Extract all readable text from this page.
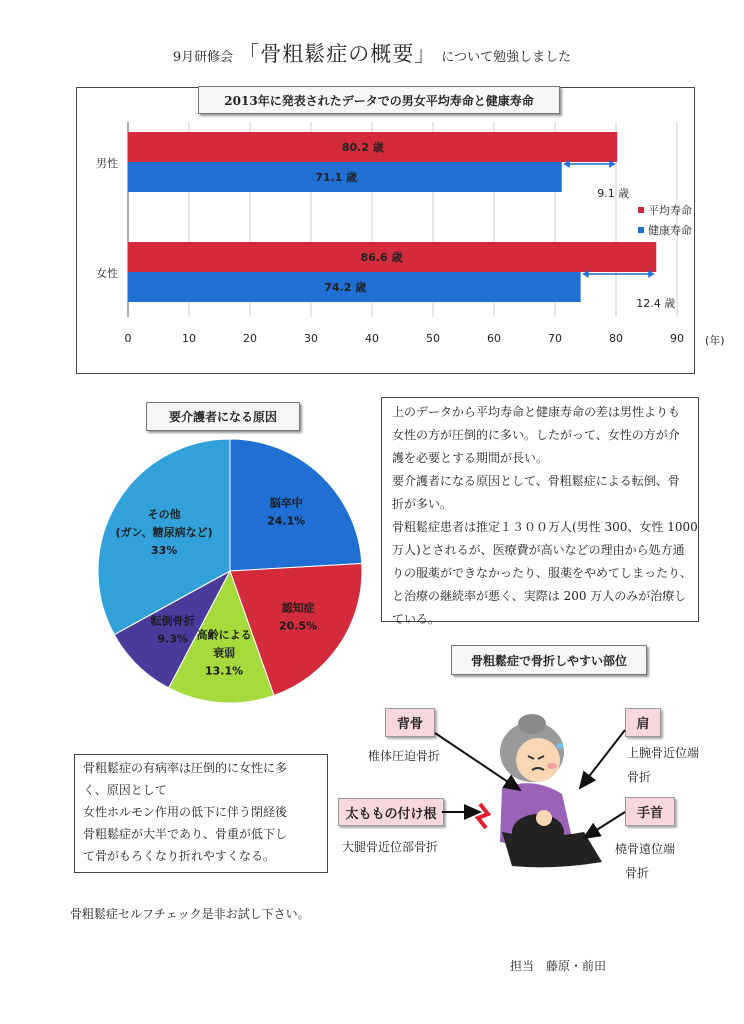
9月研修会 「骨粗鬆症の概要」 について勉強しました
2013年に発表されたデータでの男女平均寿命と健康寿命
男性
80.2 歳
71.1 歳
9.1 歳
女性
86.6 歳
74.2 歳
12.4 歳
0	10	20	30	40	50	60	70	80	90 (年)
平均寿命
健康寿命
要介護者になる原因
脳卒中
24.1%
認知症
20.5%
高齢による
衰弱
13.1%
転倒骨折
9.3%
その他
(ガン、糖尿病など)
33%
上のデータから平均寿命と健康寿命の差は男性よりも
女性の方が圧倒的に多い。したがって、女性の方が介
護を必要とする期間が長い。
要介護者になる原因として、骨粗鬆症による転倒、骨
折が多い。
骨粗鬆症患者は推定１３００万人(男性 300、女性 1000
万人)とされるが、医療費が高いなどの理由から処方通
りの服薬ができなかったり、服薬をやめてしまったり、
と治療の継続率が悪く、実際は 200 万人のみが治療し
ている。
骨粗鬆症で骨折しやすい部位
背骨
椎体圧迫骨折
肩
上腕骨近位端
骨折
太ももの付け根
大腿骨近位部骨折
手首
橈骨遠位端
骨折
骨粗鬆症の有病率は圧倒的に女性に多
く、原因として
女性ホルモン作用の低下に伴う閉経後
骨粗鬆症が大半であり、骨重が低下し
て骨がもろくなり折れやすくなる。
骨粗鬆症セルフチェック是非お試し下さい。
担当　藤原・前田
